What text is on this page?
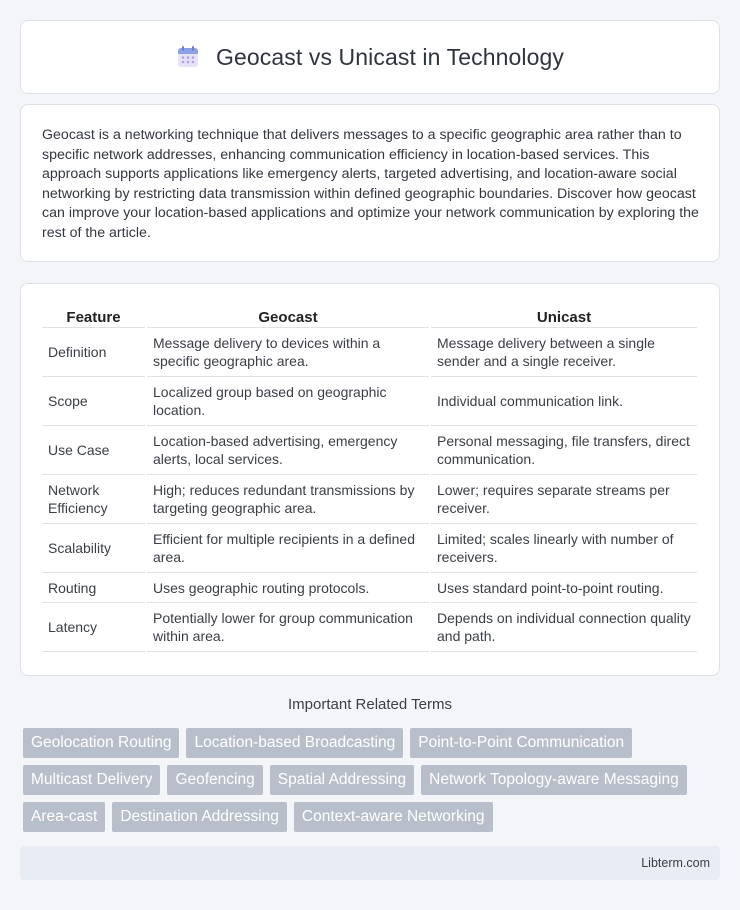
Geocast vs Unicast in Technology

Geocast is a networking technique that delivers messages to a specific geographic area rather than to specific network addresses, enhancing communication efficiency in location-based services. This approach supports applications like emergency alerts, targeted advertising, and location-aware social networking by restricting data transmission within defined geographic boundaries. Discover how geocast can improve your location-based applications and optimize your network communication by exploring the rest of the article.

Feature	Geocast	Unicast
Definition	Message delivery to devices within a specific geographic area.	Message delivery between a single sender and a single receiver.
Scope	Localized group based on geographic location.	Individual communication link.
Use Case	Location-based advertising, emergency alerts, local services.	Personal messaging, file transfers, direct communication.
Network Efficiency	High; reduces redundant transmissions by targeting geographic area.	Lower; requires separate streams per receiver.
Scalability	Efficient for multiple recipients in a defined area.	Limited; scales linearly with number of receivers.
Routing	Uses geographic routing protocols.	Uses standard point-to-point routing.
Latency	Potentially lower for group communication within area.	Depends on individual connection quality and path.
Important Related Terms
Geolocation Routing	Location-based Broadcasting	Point-to-Point Communication
Multicast Delivery	Geofencing	Spatial Addressing	Network Topology-aware Messaging
Area-cast	Destination Addressing	Context-aware Networking
Libterm.com
